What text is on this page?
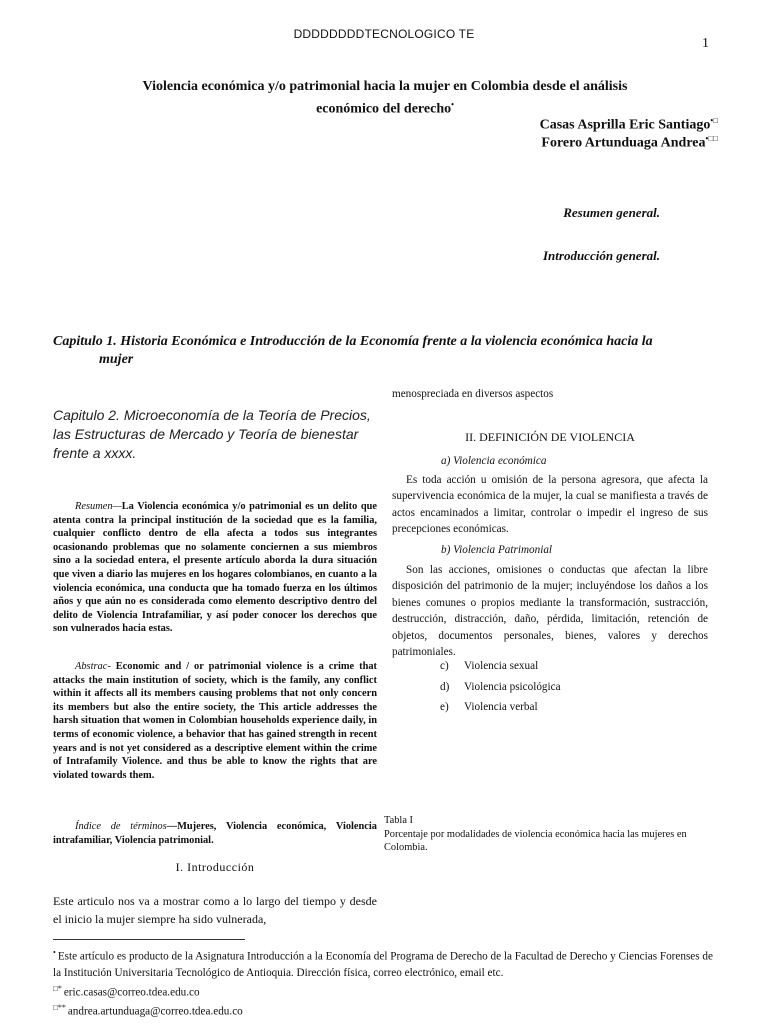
DDDDDDDDTECNOLOGICO TE
1
Violencia económica y/o patrimonial hacia la mujer en Colombia desde el análisis
económico del derecho•
Casas Asprilla Eric Santiago•□
Forero Artunduaga Andrea•□□
Resumen general.
Introducción general.
Capitulo 1. Historia Económica e Introducción de la Economía frente a la violencia económica hacia la
mujer
Capitulo 2. Microeconomía de la Teoría de Precios,
las Estructuras de Mercado y Teoría de bienestar
frente a xxxx.
Resumen—La Violencia económica y/o patrimonial es un delito que atenta contra la principal institución de la sociedad que es la familia, cualquier conflicto dentro de ella afecta a todos sus integrantes ocasionando problemas que no solamente conciernen a sus miembros sino a la sociedad entera, el presente artículo aborda la dura situación que viven a diario las mujeres en los hogares colombianos, en cuanto a la violencia económica, una conducta que ha tomado fuerza en los últimos años y que aún no es considerada como elemento descriptivo dentro del delito de Violencia Intrafamiliar, y así poder conocer los derechos que son vulnerados hacia estas.
Abstrac- Economic and / or patrimonial violence is a crime that attacks the main institution of society, which is the family, any conflict within it affects all its members causing problems that not only concern its members but also the entire society, the This article addresses the harsh situation that women in Colombian households experience daily, in terms of economic violence, a behavior that has gained strength in recent years and is not yet considered as a descriptive element within the crime of Intrafamily Violence. and thus be able to know the rights that are violated towards them.
Índice de términos—Mujeres, Violencia económica, Violencia intrafamiliar, Violencia patrimonial.
I. Introducción
Este articulo nos va a mostrar como a lo largo del tiempo y desde el inicio la mujer siempre ha sido vulnerada,
menospreciada en diversos aspectos
II. DEFINICIÓN DE VIOLENCIA
a) Violencia económica
Es toda acción u omisión de la persona agresora, que afecta la supervivencia económica de la mujer, la cual se manifiesta a través de actos encaminados a limitar, controlar o impedir el ingreso de sus precepciones económicas.
b) Violencia Patrimonial
Son las acciones, omisiones o conductas que afectan la libre disposición del patrimonio de la mujer; incluyéndose los daños a los bienes comunes o propios mediante la transformación, sustracción, destrucción, distracción, daño, pérdida, limitación, retención de objetos, documentos personales, bienes, valores y derechos patrimoniales.
c) Violencia sexual
d) Violencia psicológica
e) Violencia verbal
Tabla I
Porcentaje por modalidades de violencia económica hacia las mujeres en Colombia.
• Este artículo es producto de la Asignatura Introducción a la Economía del Programa de Derecho de la Facultad de Derecho y Ciencias Forenses de la Institución Universitaria Tecnológico de Antioquia. Dirección física, correo electrónico, email etc.
□* eric.casas@correo.tdea.edu.co
□** andrea.artunduaga@correo.tdea.edu.co
